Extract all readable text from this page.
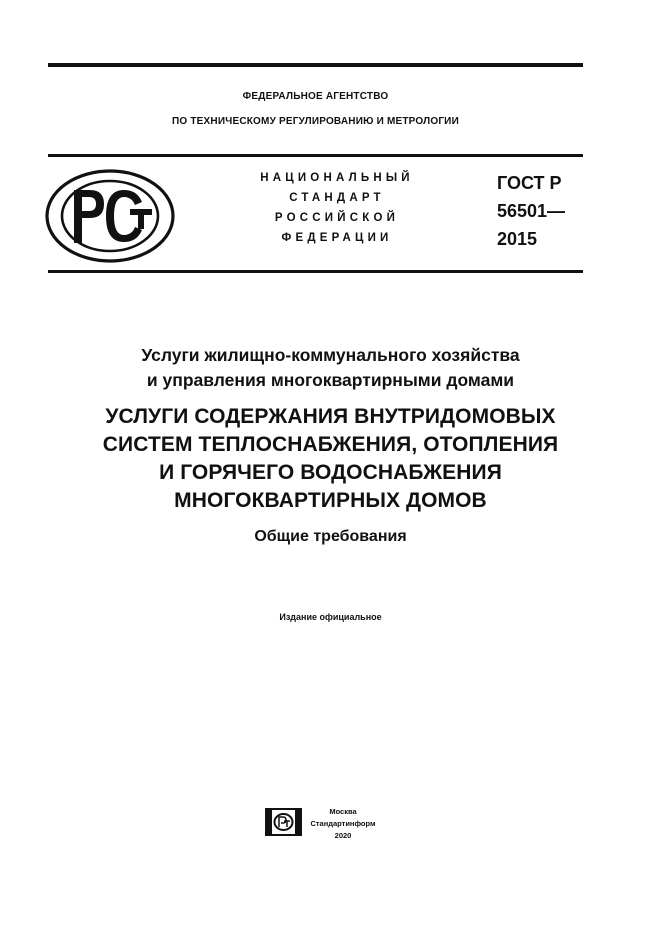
ФЕДЕРАЛЬНОЕ АГЕНТСТВО
ПО ТЕХНИЧЕСКОМУ РЕГУЛИРОВАНИЮ И МЕТРОЛОГИИ
НАЦИОНАЛЬНЫЙ
СТАНДАРТ
РОССИЙСКОЙ
ФЕДЕРАЦИИ
ГОСТ Р
56501—
2015
Услуги жилищно-коммунального хозяйства
и управления многоквартирными домами
УСЛУГИ СОДЕРЖАНИЯ ВНУТРИДОМОВЫХ
СИСТЕМ ТЕПЛОСНАБЖЕНИЯ, ОТОПЛЕНИЯ
И ГОРЯЧЕГО ВОДОСНАБЖЕНИЯ
МНОГОКВАРТИРНЫХ ДОМОВ
Общие требования
Издание официальное
Москва
Стандартинформ
2020
